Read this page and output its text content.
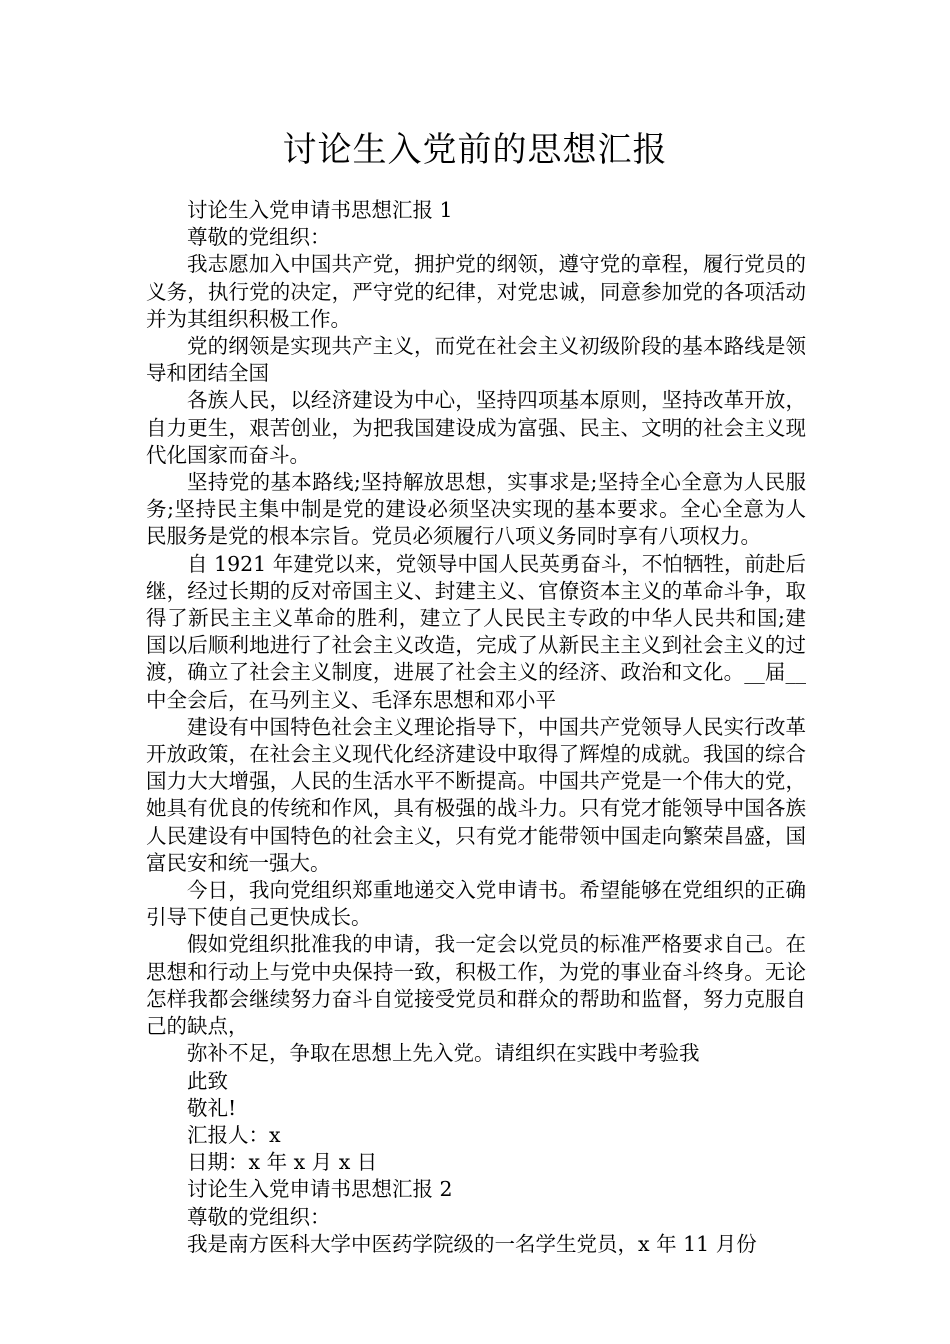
讨论生入党前的思想汇报

讨论生入党申请书思想汇报 1

尊敬的党组织：

我志愿加入中国共产党，拥护党的纲领，遵守党的章程，履行党员的义务，执行党的决定，严守党的纪律，对党忠诚，同意参加党的各项活动并为其组织积极工作。

党的纲领是实现共产主义，而党在社会主义初级阶段的基本路线是领导和团结全国

各族人民，以经济建设为中心，坚持四项基本原则，坚持改革开放，自力更生，艰苦创业，为把我国建设成为富强、民主、文明的社会主义现代化国家而奋斗。

坚持党的基本路线;坚持解放思想，实事求是;坚持全心全意为人民服务;坚持民主集中制是党的建设必须坚决实现的基本要求。全心全意为人民服务是党的根本宗旨。党员必须履行八项义务同时享有八项权力。

自 1921 年建党以来，党领导中国人民英勇奋斗，不怕牺牲，前赴后继，经过长期的反对帝国主义、封建主义、官僚资本主义的革命斗争，取得了新民主主义革命的胜利，建立了人民民主专政的中华人民共和国;建国以后顺利地进行了社会主义改造，完成了从新民主主义到社会主义的过渡，确立了社会主义制度，进展了社会主义的经济、政治和文化。__届__中全会后，在马列主义、毛泽东思想和邓小平

建设有中国特色社会主义理论指导下，中国共产党领导人民实行改革开放政策，在社会主义现代化经济建设中取得了辉煌的成就。我国的综合国力大大增强，人民的生活水平不断提高。中国共产党是一个伟大的党，她具有优良的传统和作风，具有极强的战斗力。只有党才能领导中国各族人民建设有中国特色的社会主义，只有党才能带领中国走向繁荣昌盛，国富民安和统一强大。

今日，我向党组织郑重地递交入党申请书。希望能够在党组织的正确引导下使自己更快成长。

假如党组织批准我的申请，我一定会以党员的标准严格要求自己。在思想和行动上与党中央保持一致，积极工作，为党的事业奋斗终身。无论怎样我都会继续努力奋斗自觉接受党员和群众的帮助和监督，努力克服自己的缺点，

弥补不足，争取在思想上先入党。请组织在实践中考验我

此致

敬礼!

汇报人：x

日期：x 年 x 月 x 日

讨论生入党申请书思想汇报 2

尊敬的党组织：

我是南方医科大学中医药学院级的一名学生党员，x 年 11 月份
